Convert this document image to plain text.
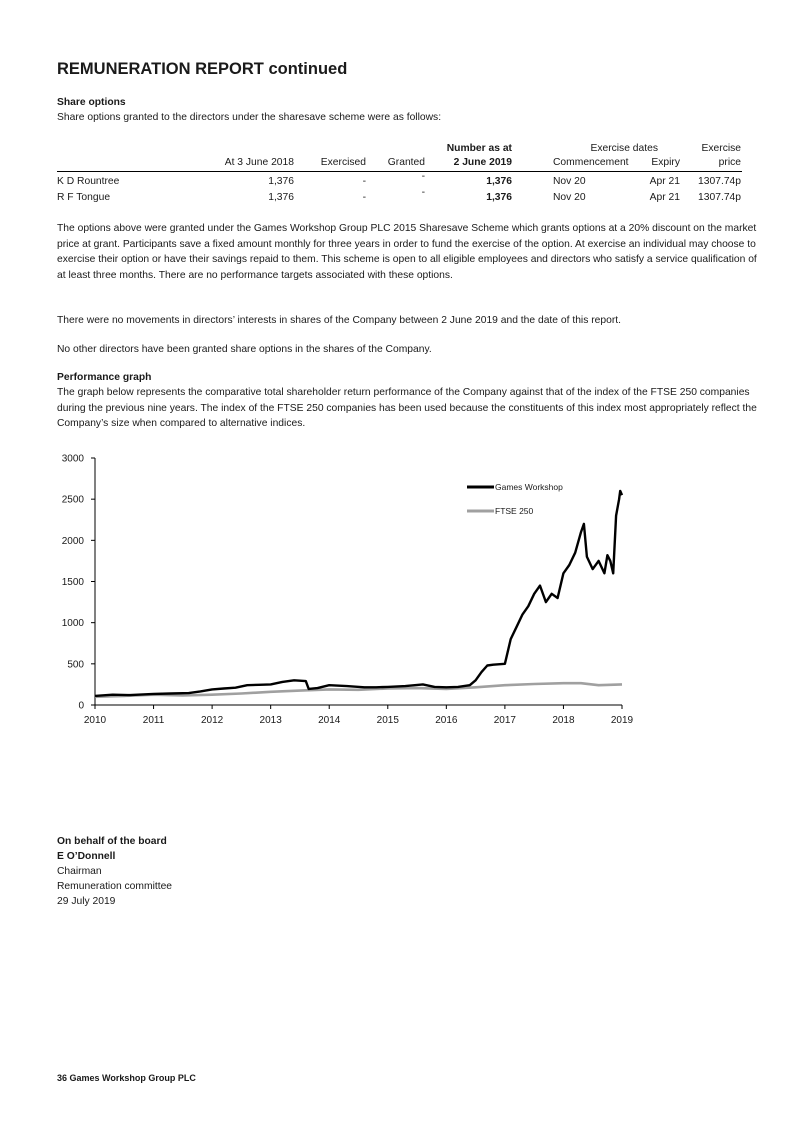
REMUNERATION REPORT continued
Share options
Share options granted to the directors under the sharesave scheme were as follows:
Number as at	Exercise dates	Exercise
At 3 June 2018	Exercised Granted	2 June 2019	Commencement Expiry	price
K D Rountree	1,376	-	-	1,376	Nov 20	Apr 21 1307.74p
R F Tongue	1,376	-	-	1,376	Nov 20	Apr 21 1307.74p
The options above were granted under the Games Workshop Group PLC 2015 Sharesave Scheme which grants options at a 20% discount on the market price at grant. Participants save a fixed amount monthly for three years in order to fund the exercise of the option. At exercise an individual may choose to exercise their option or have their savings repaid to them. This scheme is open to all eligible employees and directors who satisfy a service qualification of at least three months. There are no performance targets associated with these options.
There were no movements in directors’ interests in shares of the Company between 2 June 2019 and the date of this report.
No other directors have been granted share options in the shares of the Company.
Performance graph
The graph below represents the comparative total shareholder return performance of the Company against that of the index of the FTSE 250 companies during the previous nine years. The index of the FTSE 250 companies has been used because the constituents of this index most appropriately reflect the Company’s size when compared to alternative indices.
0
500
1000
1500
2000
2500
3000
2010	2011	2012	2013	2014	2015	2016	2017	2018	2019
Games Workshop
FTSE 250
On behalf of the board
E O’Donnell
Chairman
Remuneration committee
29 July 2019
36 Games Workshop Group PLC
